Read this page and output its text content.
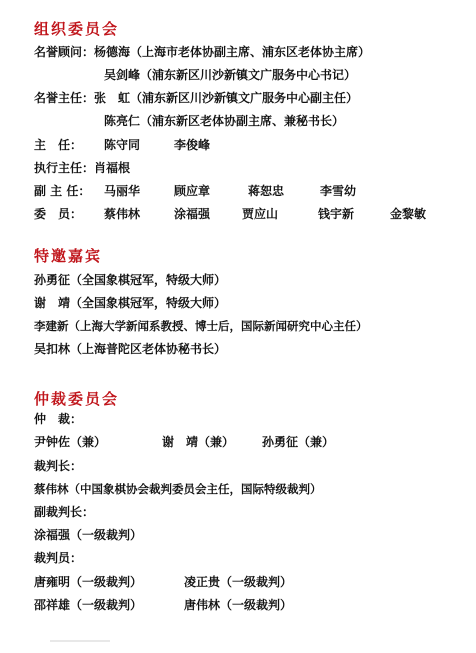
组织委员会
名誉顾问：杨德海（上海市老体协副主席、浦东区老体协主席）
吴剑峰（浦东新区川沙新镇文广服务中心书记）
名誉主任：张　虹（浦东新区川沙新镇文广服务中心副主任）
陈亮仁（浦东新区老体协副主席、兼秘书长）
主　任： 陈守同	李俊峰
执行主任：肖福根
副 主 任： 马丽华	顾应章	蒋恕忠	李雪幼
委　员： 蔡伟林	涂福强	贾应山	钱宇新	金黎敏
特邀嘉宾
孙勇征（全国象棋冠军，特级大师）
谢　靖（全国象棋冠军，特级大师）
李建新（上海大学新闻系教授、博士后，国际新闻研究中心主任）
吴扣林（上海普陀区老体协秘书长）
仲裁委员会
仲　裁：
尹钟佐（兼）	谢　靖（兼） 孙勇征（兼）
裁判长：
蔡伟林（中国象棋协会裁判委员会主任，国际特级裁判）
副裁判长：
涂福强（一级裁判）
裁判员：
唐雍明（一级裁判）	凌正贵（一级裁判）
邵祥雄（一级裁判）	唐伟林（一级裁判）
